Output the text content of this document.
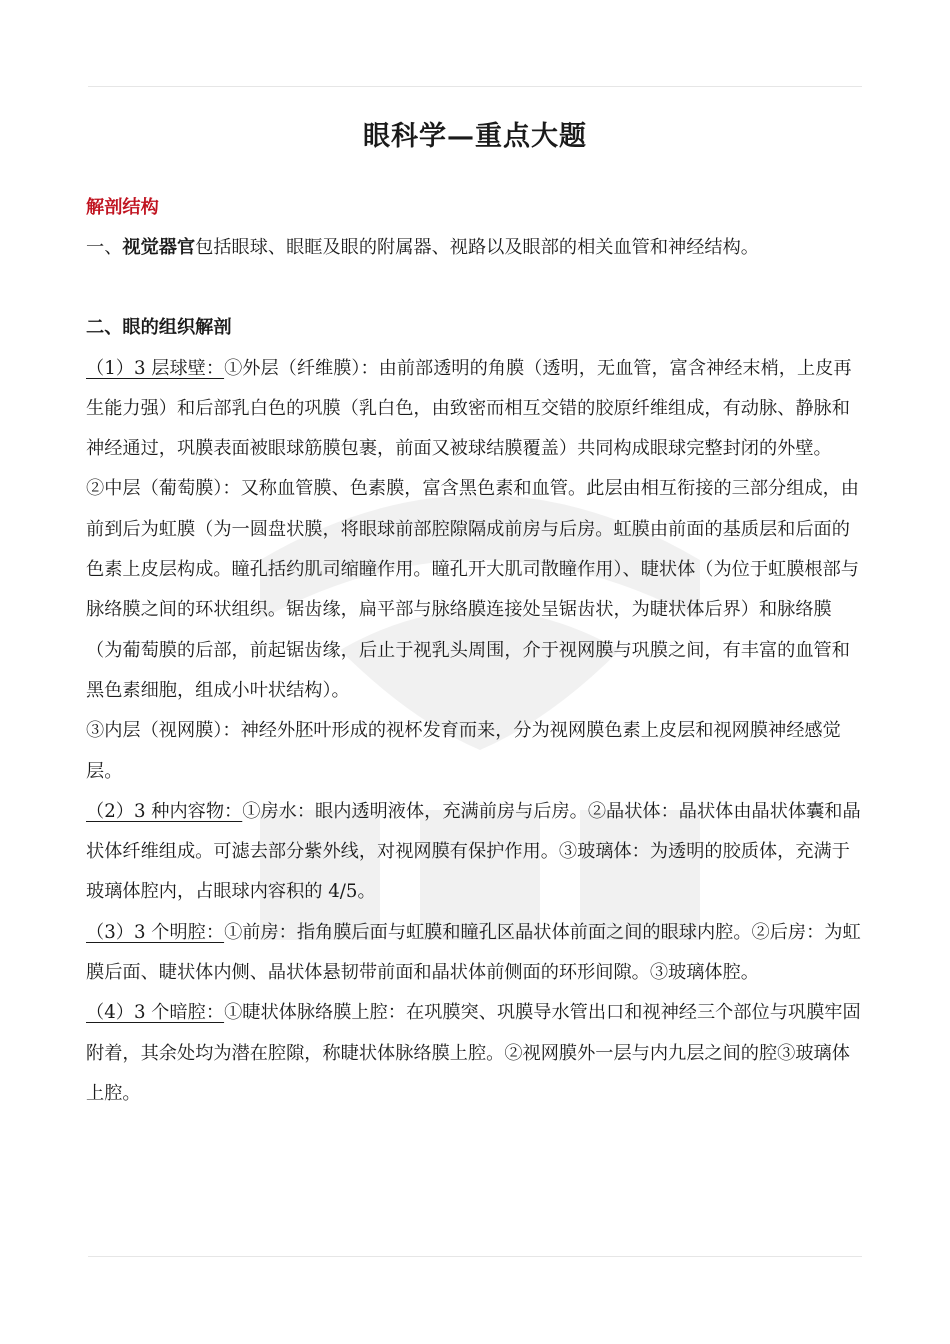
眼科学—重点大题

解剖结构

一、视觉器官包括眼球、眼眶及眼的附属器、视路以及眼部的相关血管和神经结构。

二、眼的组织解剖

（1）3 层球壁：①外层（纤维膜）：由前部透明的角膜（透明，无血管，富含神经末梢，上皮再生能力强）和后部乳白色的巩膜（乳白色，由致密而相互交错的胶原纤维组成，有动脉、静脉和神经通过，巩膜表面被眼球筋膜包裹，前面又被球结膜覆盖）共同构成眼球完整封闭的外壁。

②中层（葡萄膜）：又称血管膜、色素膜，富含黑色素和血管。此层由相互衔接的三部分组成，由前到后为虹膜（为一圆盘状膜，将眼球前部腔隙隔成前房与后房。虹膜由前面的基质层和后面的色素上皮层构成。瞳孔括约肌司缩瞳作用。瞳孔开大肌司散瞳作用）、睫状体（为位于虹膜根部与脉络膜之间的环状组织。锯齿缘，扁平部与脉络膜连接处呈锯齿状，为睫状体后界）和脉络膜（为葡萄膜的后部，前起锯齿缘，后止于视乳头周围，介于视网膜与巩膜之间，有丰富的血管和黑色素细胞，组成小叶状结构）。

③内层（视网膜）：神经外胚叶形成的视杯发育而来，分为视网膜色素上皮层和视网膜神经感觉层。

（2）3 种内容物：①房水：眼内透明液体，充满前房与后房。②晶状体：晶状体由晶状体囊和晶状体纤维组成。可滤去部分紫外线，对视网膜有保护作用。③玻璃体：为透明的胶质体，充满于玻璃体腔内，占眼球内容积的 4/5。

（3）3 个明腔：①前房：指角膜后面与虹膜和瞳孔区晶状体前面之间的眼球内腔。②后房：为虹膜后面、睫状体内侧、晶状体悬韧带前面和晶状体前侧面的环形间隙。③玻璃体腔。

（4）3 个暗腔：①睫状体脉络膜上腔：在巩膜突、巩膜导水管出口和视神经三个部位与巩膜牢固附着，其余处均为潜在腔隙，称睫状体脉络膜上腔。②视网膜外一层与内九层之间的腔③玻璃体上腔。
